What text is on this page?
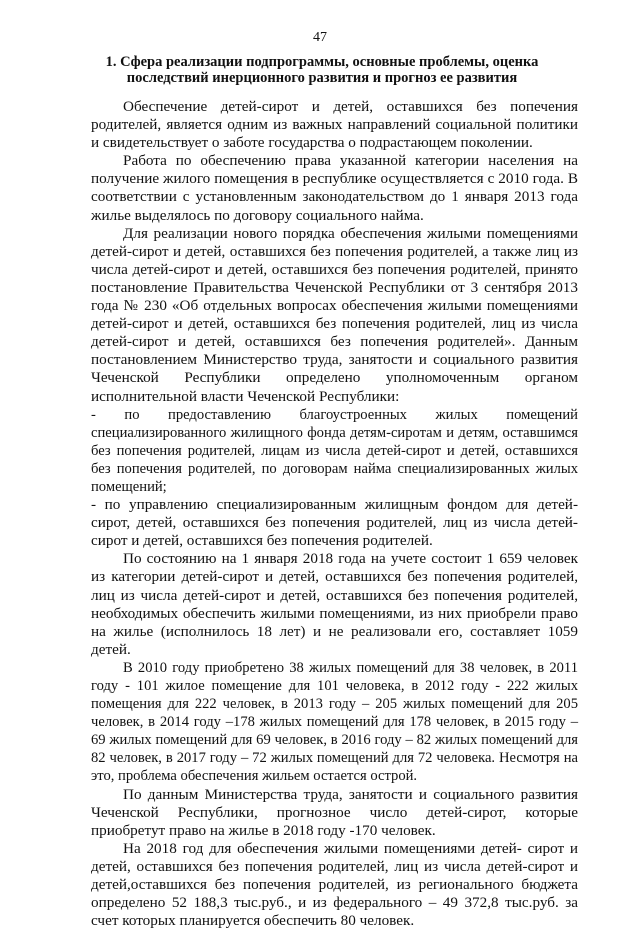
47
1. Сфера реализации подпрограммы, основные проблемы, оценка последствий инерционного развития и прогноз ее развития

Обеспечение детей-сирот и детей, оставшихся без попечения родителей, является одним из важных направлений социальной политики и свидетельствует о заботе государства о подрастающем поколении.

Работа по обеспечению права указанной категории населения на получение жилого помещения в республике осуществляется с 2010 года. В соответствии с установленным законодательством до 1 января 2013 года жилье выделялось по договору социального найма.

Для реализации нового порядка обеспечения жилыми помещениями детей-сирот и детей, оставшихся без попечения родителей, а также лиц из числа детей-сирот и детей, оставшихся без попечения родителей, принято постановление Правительства Чеченской Республики от 3 сентября 2013 года № 230 «Об отдельных вопросах обеспечения жилыми помещениями детей-сирот и детей, оставшихся без попечения родителей, лиц из числа детей-сирот и детей, оставшихся без попечения родителей». Данным постановлением Министерство труда, занятости и социального развития Чеченской Республики определено уполномоченным органом исполнительной власти Чеченской Республики:

- по предоставлению благоустроенных жилых помещений специализированного жилищного фонда детям-сиротам и детям, оставшимся без попечения родителей, лицам из числа детей-сирот и детей, оставшихся без попечения родителей, по договорам найма специализированных жилых помещений;

- по управлению специализированным жилищным фондом для детей-сирот, детей, оставшихся без попечения родителей, лиц из числа детей-сирот и детей, оставшихся без попечения родителей.

По состоянию на 1 января 2018 года на учете состоит 1 659 человек из категории детей-сирот и детей, оставшихся без попечения родителей, лиц из числа детей-сирот и детей, оставшихся без попечения родителей, необходимых обеспечить жилыми помещениями, из них приобрели право на жилье (исполнилось 18 лет) и не реализовали его, составляет 1059 детей.

В 2010 году приобретено 38 жилых помещений для 38 человек, в 2011 году - 101 жилое помещение для 101 человека, в 2012 году - 222 жилых помещения для 222 человек, в 2013 году – 205 жилых помещений для 205 человек, в 2014 году –178 жилых помещений для 178 человек, в 2015 году – 69 жилых помещений для 69 человек, в 2016 году – 82 жилых помещений для 82 человек, в 2017 году – 72 жилых помещений для 72 человека. Несмотря на это, проблема обеспечения жильем остается острой.

По данным Министерства труда, занятости и социального развития Чеченской Республики, прогнозное число детей-сирот, которые приобретут право на жилье в 2018 году -170 человек.

На 2018 год для обеспечения жилыми помещениями детей- сирот и детей, оставшихся без попечения родителей, лиц из числа детей-сирот и детей,оставшихся без попечения родителей, из регионального бюджета определено 52 188,3 тыс.руб., и из федерального – 49 372,8 тыс.руб. за счет которых планируется обеспечить 80 человек.
